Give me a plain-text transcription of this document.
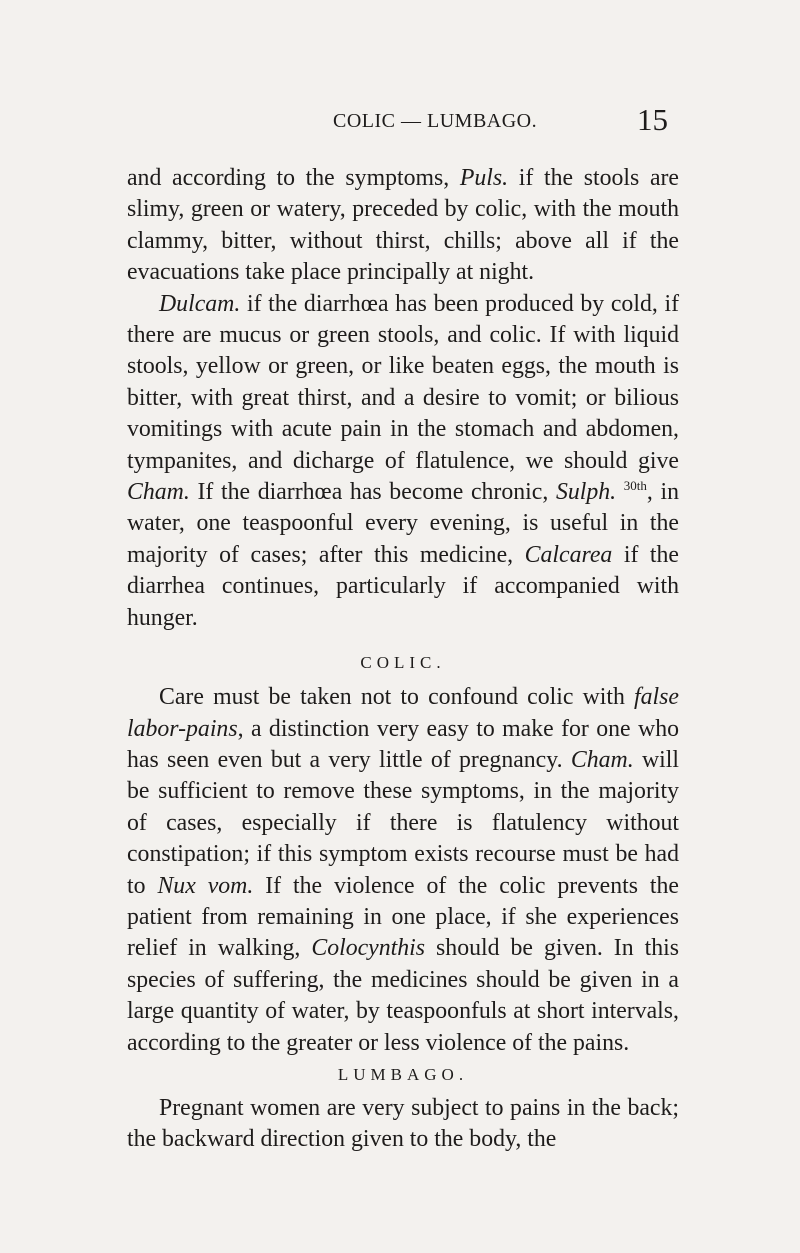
COLIC — LUMBAGO.	15

and according to the symptoms, Puls. if the stools are slimy, green or watery, preceded by colic, with the mouth clammy, bitter, without thirst, chills; above all if the evacuations take place principally at night.

Dulcam. if the diarrhœa has been produced by cold, if there are mucus or green stools, and colic. If with liquid stools, yellow or green, or like beaten eggs, the mouth is bitter, with great thirst, and a desire to vomit; or bilious vomitings with acute pain in the stomach and abdomen, tympanites, and dicharge of flatulence, we should give Cham. If the diarrhœa has become chronic, Sulph. $^{30th}$, in water, one teaspoonful every evening, is useful in the majority of cases; after this medicine, Calcarea if the diarrhea continues, particularly if accompanied with hunger.

COLIC.

Care must be taken not to confound colic with false labor-pains, a distinction very easy to make for one who has seen even but a very little of pregnancy. Cham. will be sufficient to remove these symptoms, in the majority of cases, especially if there is flatulency without constipation; if this symptom exists recourse must be had to Nux vom. If the violence of the colic prevents the patient from remaining in one place, if she experiences relief in walking, Colocynthis should be given. In this species of suffering, the medicines should be given in a large quantity of water, by teaspoonfuls at short intervals, according to the greater or less violence of the pains.

LUMBAGO.

Pregnant women are very subject to pains in the back; the backward direction given to the body, the
